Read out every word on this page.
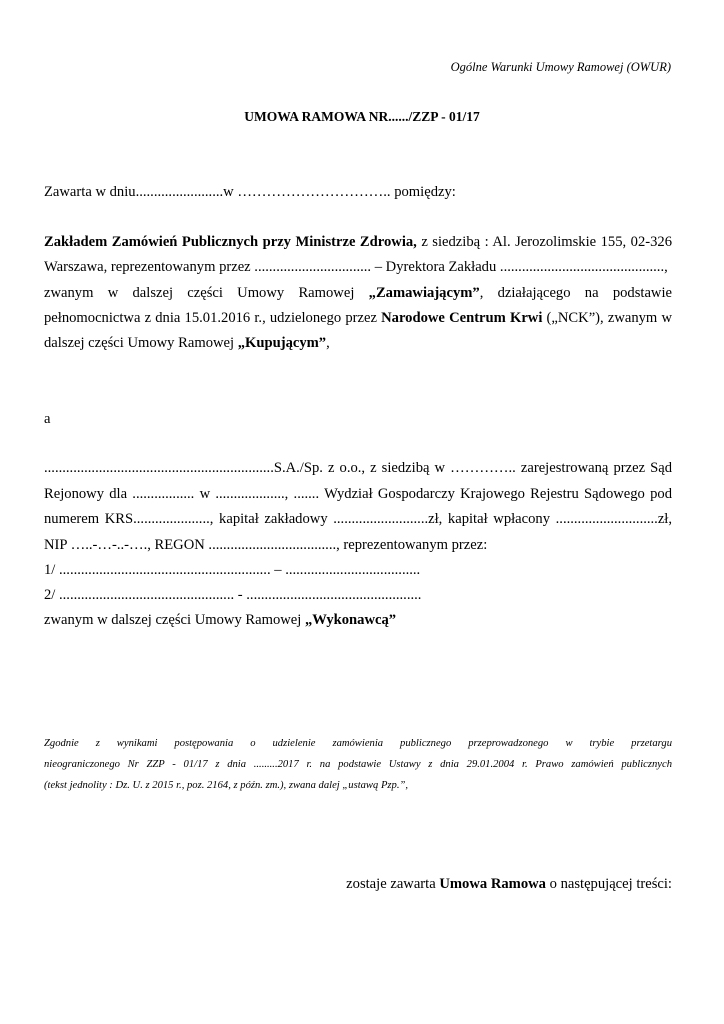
Ogólne Warunki Umowy Ramowej (OWUR)
UMOWA RAMOWA NR....../ZZP - 01/17
Zawarta w dniu........................w ………………………….. pomiędzy:
Zakładem Zamówień Publicznych przy Ministrze Zdrowia, z siedzibą : Al. Jerozolimskie 155, 02-326
Warszawa, reprezentowanym przez ................................ – Dyrektora Zakładu .............................................,
zwanym w dalszej części Umowy Ramowej „Zamawiającym”, działającego na podstawie
pełnomocnictwa z dnia 15.01.2016 r., udzielonego przez Narodowe Centrum Krwi („NCK”), zwanym w
dalszej części Umowy Ramowej „Kupującym”,
a
...............................................................S.A./Sp. z o.o., z siedzibą w ………….. zarejestrowaną przez Sąd
Rejonowy dla ................. w ..................., ....... Wydział Gospodarczy Krajowego Rejestru Sądowego pod
numerem KRS....................., kapitał zakładowy ..........................zł, kapitał wpłacony ............................zł,
NIP …..-…-..-…., REGON ..................................., reprezentowanym przez:
1/ .......................................................... – .....................................
2/ ................................................ - ................................................
zwanym w dalszej części Umowy Ramowej „Wykonawcą”
Zgodnie z wynikami postępowania o udzielenie zamówienia publicznego przeprowadzonego w trybie przetargu
nieograniczonego Nr ZZP - 01/17 z dnia .........2017 r. na podstawie Ustawy z dnia 29.01.2004 r. Prawo zamówień publicznych
(tekst jednolity : Dz. U. z 2015 r., poz. 2164, z późn. zm.), zwana dalej „ustawą Pzp.”,
zostaje zawarta Umowa Ramowa o następującej treści:
